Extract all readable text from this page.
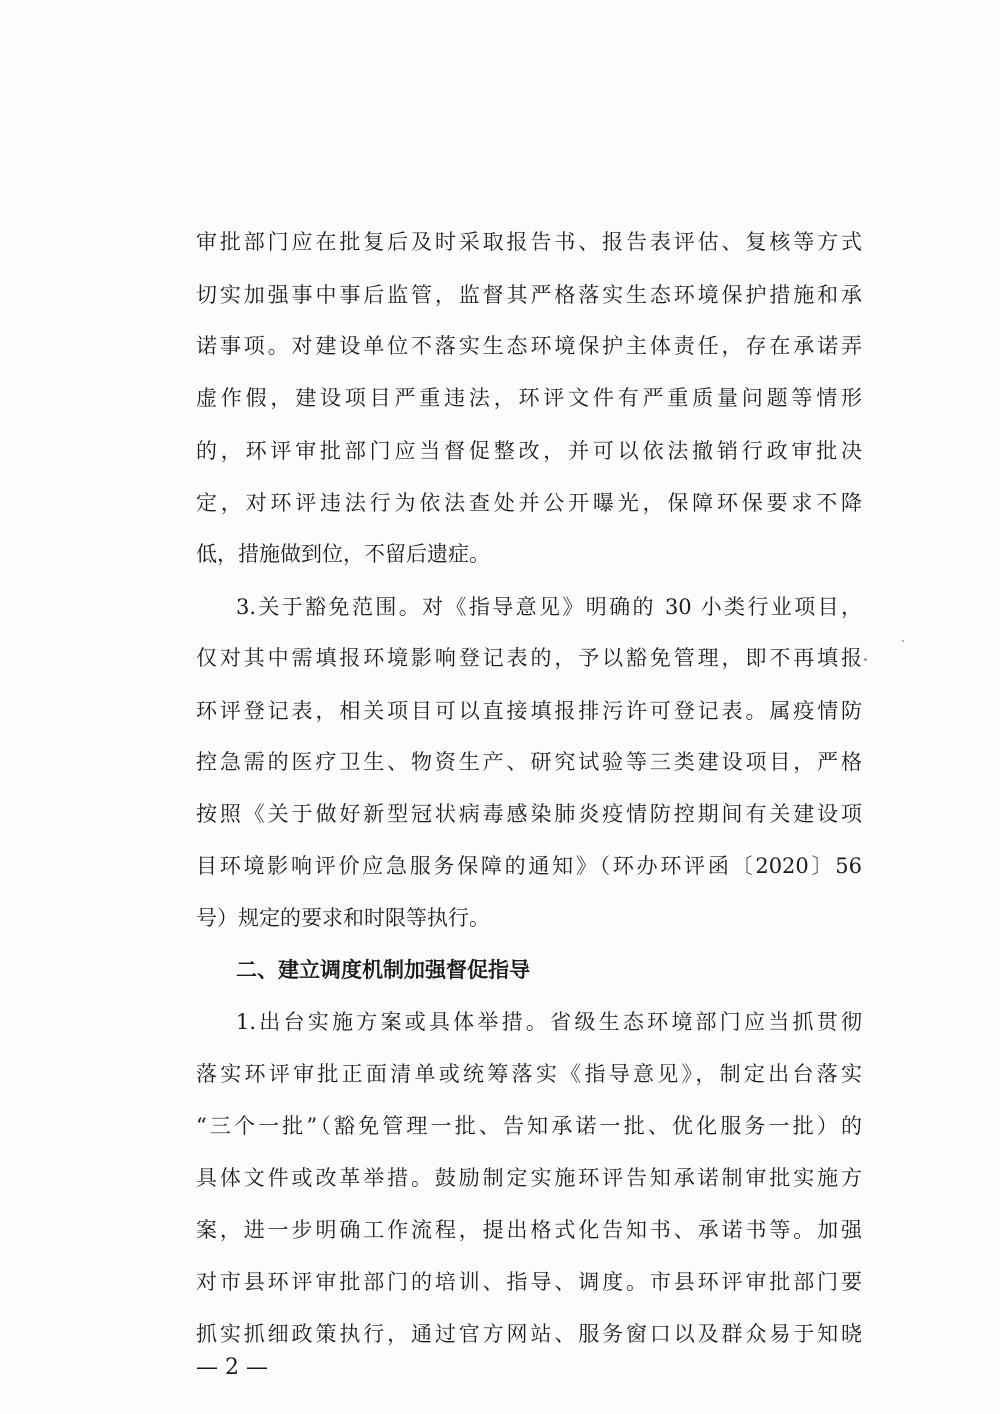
审批部门应在批复后及时采取报告书、报告表评估、复核等方式
切实加强事中事后监管，监督其严格落实生态环境保护措施和承
诺事项。对建设单位不落实生态环境保护主体责任，存在承诺弄
虚作假，建设项目严重违法，环评文件有严重质量问题等情形
的，环评审批部门应当督促整改，并可以依法撤销行政审批决
定，对环评违法行为依法查处并公开曝光，保障环保要求不降
低，措施做到位，不留后遗症。
3.关于豁免范围。对《指导意见》明确的 30 小类行业项目，
仅对其中需填报环境影响登记表的，予以豁免管理，即不再填报
环评登记表，相关项目可以直接填报排污许可登记表。属疫情防
控急需的医疗卫生、物资生产、研究试验等三类建设项目，严格
按照《关于做好新型冠状病毒感染肺炎疫情防控期间有关建设项
目环境影响评价应急服务保障的通知》（环办环评函〔2020〕56
号）规定的要求和时限等执行。
二、建立调度机制加强督促指导
1.出台实施方案或具体举措。省级生态环境部门应当抓贯彻
落实环评审批正面清单或统筹落实《指导意见》，制定出台落实
“三个一批”（豁免管理一批、告知承诺一批、优化服务一批）的
具体文件或改革举措。鼓励制定实施环评告知承诺制审批实施方
案，进一步明确工作流程，提出格式化告知书、承诺书等。加强
对市县环评审批部门的培训、指导、调度。市县环评审批部门要
抓实抓细政策执行，通过官方网站、服务窗口以及群众易于知晓
— 2 —
